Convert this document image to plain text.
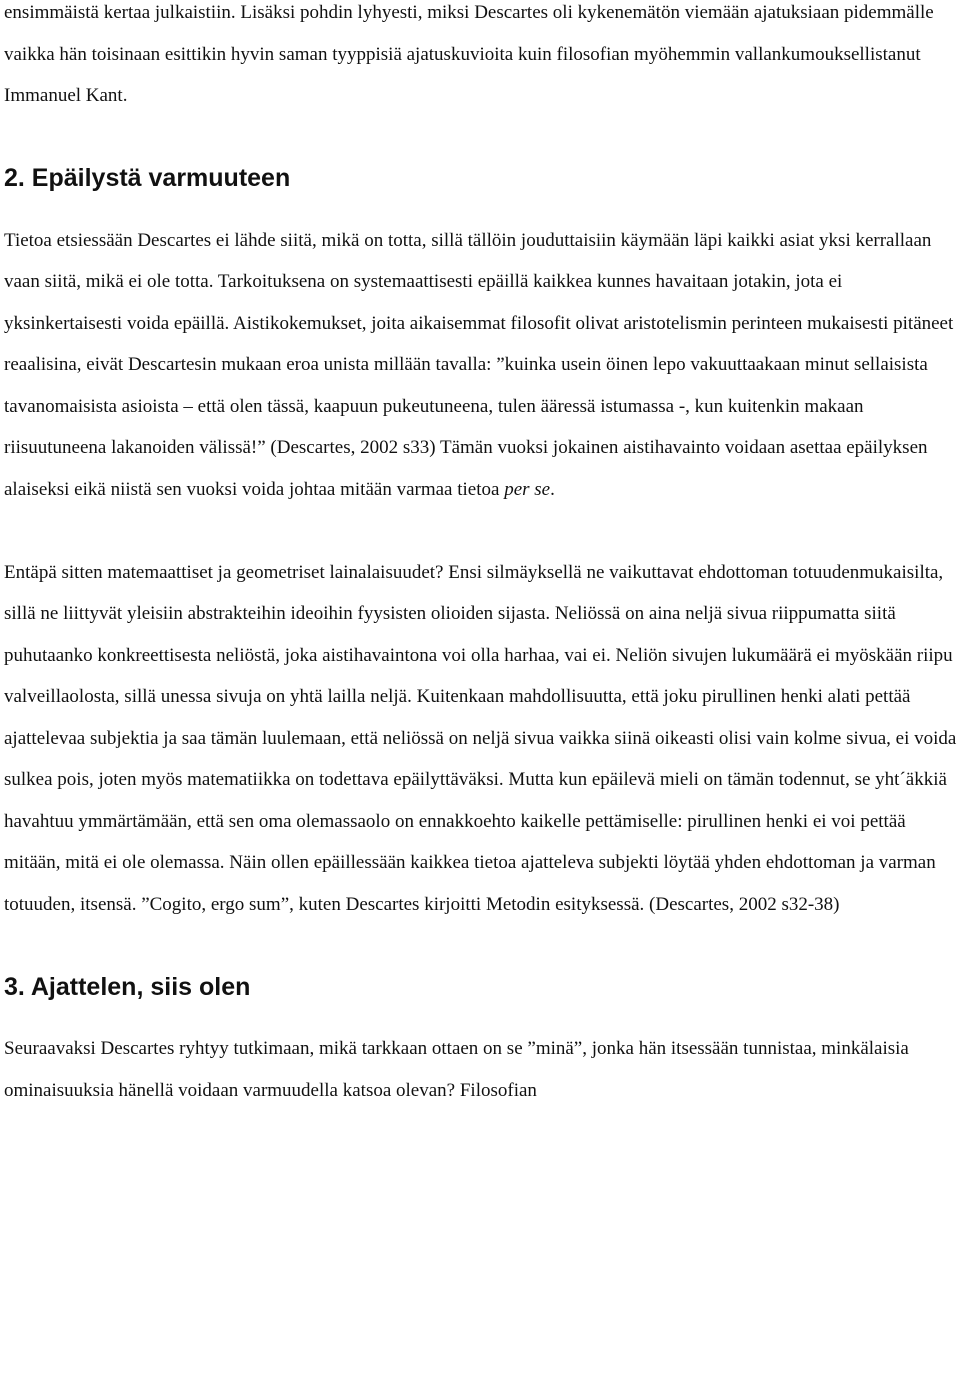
ensimmäistä kertaa julkaistiin. Lisäksi pohdin lyhyesti, miksi Descartes oli kykenemätön viemään ajatuksiaan pidemmälle vaikka hän toisinaan esittikin hyvin saman tyyppisiä ajatuskuvioita kuin filosofian myöhemmin vallankumouksellistanut Immanuel Kant.

2. Epäilystä varmuuteen

Tietoa etsiessään Descartes ei lähde siitä, mikä on totta, sillä tällöin jouduttaisiin käymään läpi kaikki asiat yksi kerrallaan vaan siitä, mikä ei ole totta. Tarkoituksena on systemaattisesti epäillä kaikkea kunnes havaitaan jotakin, jota ei yksinkertaisesti voida epäillä. Aistikokemukset, joita aikaisemmat filosofit olivat aristotelismin perinteen mukaisesti pitäneet reaalisina, eivät Descartesin mukaan eroa unista millään tavalla: ”kuinka usein öinen lepo vakuuttaakaan minut sellaisista tavanomaisista asioista – että olen tässä, kaapuun pukeutuneena, tulen ääressä istumassa -, kun kuitenkin makaan riisuutuneena lakanoiden välissä!” (Descartes, 2002 s33) Tämän vuoksi jokainen aistihavainto voidaan asettaa epäilyksen alaiseksi eikä niistä sen vuoksi voida johtaa mitään varmaa tietoa per se.

Entäpä sitten matemaattiset ja geometriset lainalaisuudet? Ensi silmäyksellä ne vaikuttavat ehdottoman totuudenmukaisilta, sillä ne liittyvät yleisiin abstrakteihin ideoihin fyysisten olioiden sijasta. Neliössä on aina neljä sivua riippumatta siitä puhutaanko konkreettisesta neliöstä, joka aistihavaintona voi olla harhaa, vai ei. Neliön sivujen lukumäärä ei myöskään riipu valveillaolosta, sillä unessa sivuja on yhtä lailla neljä. Kuitenkaan mahdollisuutta, että joku pirullinen henki alati pettää ajattelevaa subjektia ja saa tämän luulemaan, että neliössä on neljä sivua vaikka siinä oikeasti olisi vain kolme sivua, ei voida sulkea pois, joten myös matematiikka on todettava epäilyttäväksi. Mutta kun epäilevä mieli on tämän todennut, se yht´äkkiä havahtuu ymmärtämään, että sen oma olemassaolo on ennakkoehto kaikelle pettämiselle: pirullinen henki ei voi pettää mitään, mitä ei ole olemassa. Näin ollen epäillessään kaikkea tietoa ajatteleva subjekti löytää yhden ehdottoman ja varman totuuden, itsensä. ”Cogito, ergo sum”, kuten Descartes kirjoitti Metodin esityksessä. (Descartes, 2002 s32-38)

3. Ajattelen, siis olen

Seuraavaksi Descartes ryhtyy tutkimaan, mikä tarkkaan ottaen on se ”minä”, jonka hän itsessään tunnistaa, minkälaisia ominaisuuksia hänellä voidaan varmuudella katsoa olevan? Filosofian
